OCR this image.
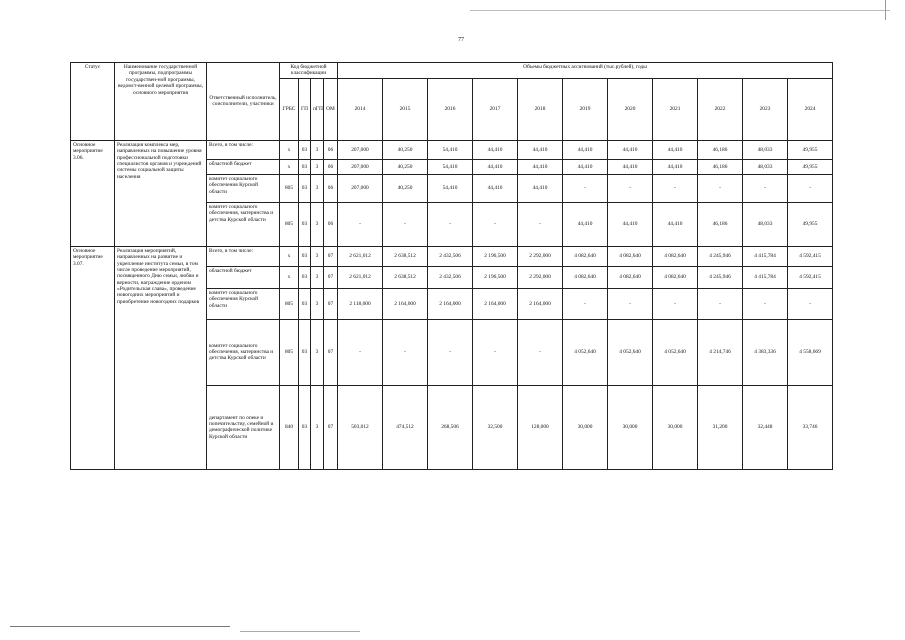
77
Статус	Наименование государственной программы, подпрограммы государствен-ной программы, ведомст-венной целевой программы, основного мероприятия	Ответственный исполнитель, соисполнители, участники	Код бюджетной классификации				Объемы бюджетных ассигнований (тыс.рублей), годы										
			ГРБС	ГП	пГП	ОМ	2014	2015	2016	2017	2018	2019	2020	2021	2022	2023	2024
Основное мероприятие 3.06.	Реализация комплекса мер, направленных на повышение уровня профессиональной подготовки специалистов органов и учреждений системы социальной защиты населения	Всего, в том числе:	х	03	3	06	207,000	40,250	54,410	44,410	44,410	44,410	44,410	44,410	46,186	48,033	49,955
		областной бюджет	х	03	3	06	207,000	40,250	54,410	44,410	44,410	44,410	44,410	44,410	46,186	48,033	49,955
		комитет социального обеспечения Курской области	805	03	3	06	207,000	40,250	54,410	44,410	44,410	-	-	-	-	-	-
		комитет социального обеспечения, материнства и детства Курской области	805	03	3	06	-	-	-	-	-	44,410	44,410	44,410	46,186	48,033	49,955
Основное мероприятие 3.07.	Реализация мероприятий, направленных на развитие и укрепление института семьи, в том числе проведение мероприятий, посвященного Дню семьи, любви и верности, награждение орденом «Родительская слава», проведение новогодних мероприятий и приобретение новогодних подарков	Всего, в том числе:	х	03	3	07	2 621,012	2 638,512	2 432,506	2 196,500	2 292,000	4 082,640	4 082,640	4 082,640	4 245,946	4 415,784	4 592,415
		областной бюджет	х	03	3	07	2 621,012	2 638,512	2 432,506	2 196,500	2 292,000	4 082,640	4 082,640	4 082,640	4 245,946	4 415,784	4 592,415
		комитет социального обеспечения Курской области	805	03	3	07	2 118,000	2 164,000	2 164,000	2 164,000	2 164,000	-	-	-	-	-	-
		комитет социального обеспечения, материнства и детства Курской области	805	03	3	07	-	-	-	-	-	4 052,640	4 052,640	4 052,640	4 214,746	4 383,336	4 558,669
		департамент по опеке и попечительству, семейной и демографической политике Курской области	840	03	3	07	503,012	474,512	268,506	32,500	128,000	30,000	30,000	30,000	31,200	32,448	33,746
